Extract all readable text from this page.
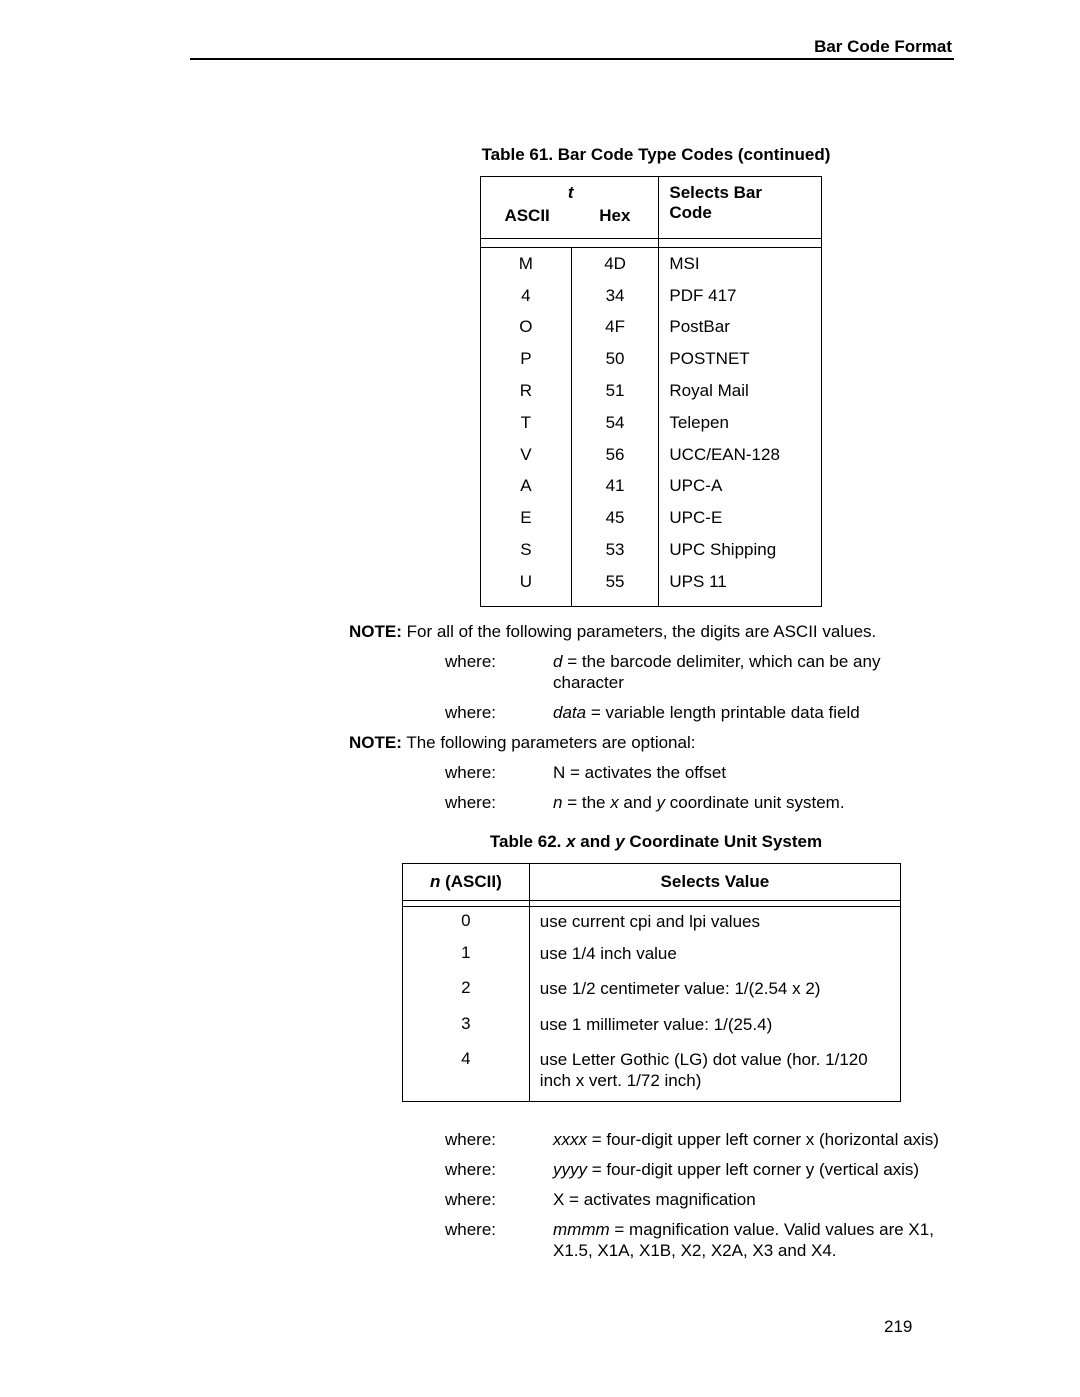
Bar Code Format
Table 61. Bar Code Type Codes (continued)
t		Selects Bar
ASCII	Hex	Code

M	4D	MSI
4	34	PDF 417
O	4F	PostBar
P	50	POSTNET
R	51	Royal Mail
T	54	Telepen
V	56	UCC/EAN-128
A	41	UPC-A
E	45	UPC-E
S	53	UPC Shipping
U	55	UPS 11

NOTE: For all of the following parameters, the digits are ASCII values.
where:	d = the barcode delimiter, which can be any
character
where:	data = variable length printable data field
NOTE: The following parameters are optional:
where:	N = activates the offset
where:	n = the x and y coordinate unit system.
Table 62. x and y Coordinate Unit System
n (ASCII)	Selects Value

0	use current cpi and lpi values
1	use 1/4 inch value
2	use 1/2 centimeter value: 1/(2.54 x 2)
3	use 1 millimeter value: 1/(25.4)
4	use Letter Gothic (LG) dot value (hor. 1/120
inch x vert. 1/72 inch)

where:	xxxx = four-digit upper left corner x (horizontal axis)
where:	yyyy = four-digit upper left corner y (vertical axis)
where:	X = activates magnification
where:	mmmm = magnification value. Valid values are X1,
X1.5, X1A, X1B, X2, X2A, X3 and X4.
219
